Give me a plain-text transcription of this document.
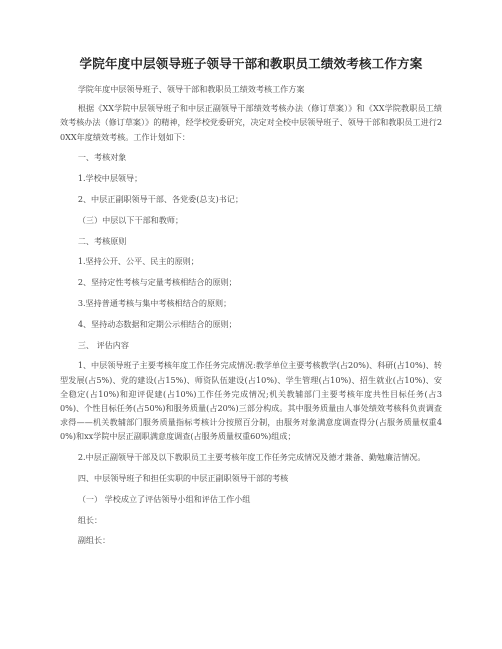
学院年度中层领导班子领导干部和教职员工绩效考核工作方案

学院年度中层领导班子、领导干部和教职员工绩效考核工作方案

根据《XX学院中层领导班子和中层正副领导干部绩效考核办法（修订草案）》和《XX学院教职员工绩效考核办法（修订草案）》的精神，经学校党委研究，决定对全校中层领导班子、领导干部和教职员工进行20XX年度绩效考核。工作计划如下：

一、考核对象

1.学校中层领导；

2、中层正副职领导干部、各党委(总支)书记；

（三）中层以下干部和教师；

二、考核原则

1.坚持公开、公平、民主的原则；

2、坚持定性考核与定量考核相结合的原则；

3.坚持普通考核与集中考核相结合的原则；

4、坚持动态数据和定期公示相结合的原则；

三、 评估内容

1、中层领导班子主要考核年度工作任务完成情况:教学单位主要考核教学(占20%)、科研(占10%)、转型发展(占5%)、党的建设(占15%)、师资队伍建设(占10%)、学生管理(占10%)、招生就业(占10%)、安全稳定(占10%)和迎评促建(占10%)工作任务完成情况;机关教辅部门主要考核年度共性目标任务(占30%)、个性目标任务(占50%)和服务质量(占20%)三部分构成。其中服务质量由人事处绩效考核科负责调查求得——机关教辅部门服务质量指标考核计分按照百分制，由服务对象满意度调查得分(占服务质量权重40%)和xx学院中层正副职满意度调查(占服务质量权重60%)组成；

2.中层正副领导干部及以下教职员工主要考核年度工作任务完成情况及德才兼备、勤勉廉洁情况。

四、中层领导班子和担任实职的中层正副职领导干部的考核

（一） 学校成立了评估领导小组和评估工作小组

组长：

副组长：
